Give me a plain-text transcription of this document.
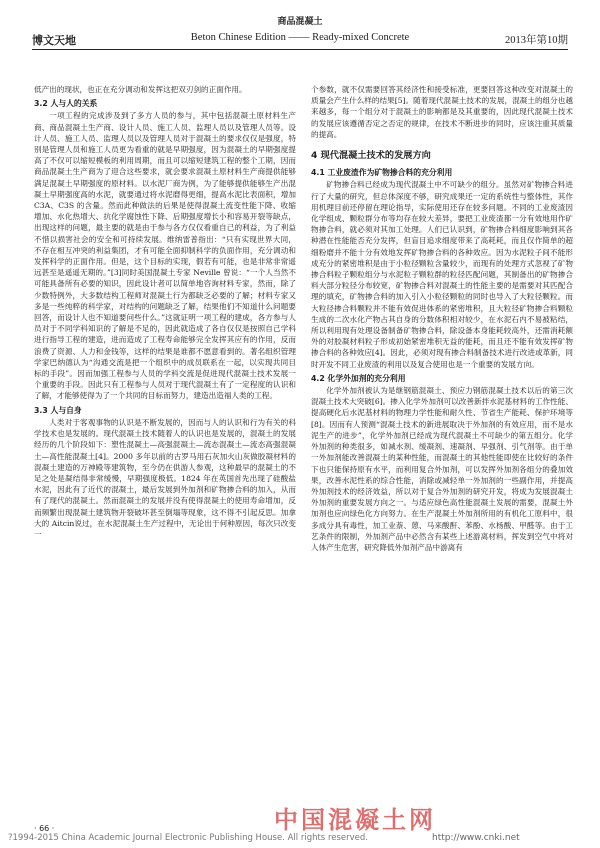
商品混凝土
博文天地	Beton Chinese Edition —— Ready-mixed Concrete	2013年第10期

低产出的现状，也正在充分调动和发挥这把双刃剑的正面作用。

3.2 人与人的关系

一项工程的完成涉及到了多方人员的参与，其中包括混凝土原材料生产商、商品混凝土生产商、设计人员、施工人员、监理人员以及管理人员等。设计人员、施工人员、监理人员以及管理人员对于混凝土的要求仅仅是强度，特别是管理人员和施工人员更为看重的就是早期强度，因为混凝土的早期强度提高了不仅可以缩短模板的利用周期，而且可以缩短建筑工程的整个工期，因而商品混凝土生产商为了迎合这些要求，就会要求混凝土原材料生产商提供能够满足混凝土早期强度的原材料。以水泥厂商为例，为了能够提供能够生产出混凝土早期强度高的水泥，就要通过将水泥磨得更细，提高水泥比表面积，增加 C3A、C3S 的含量。然而此种做法的后果是使得混凝土流变性能下降、收缩增加、水化热增大、抗化学腐蚀性下降、后期强度增长小和容易开裂等缺点，出现这样的问题，最主要的就是由于参与各方仅仅看重自己的利益，为了利益不惜以损害社会的安全和可持续发展。维纳雷普指出：“只有实现世界大同，不存在相互冲突的利益集团，才有可能全面抑制科学的负面作用，充分调动和发挥科学的正面作用。但是，这个目标的实现，假若有可能，也是非常非常遥远甚至是遥遥无期的。”[3]同时美国混凝土专家 Neville 曾说：“一个人当然不可能具备所有必要的知识，因此设计者可以简单地咨询材料专家，然而，除了少数特例外，大多数结构工程师对混凝土行为都缺乏必要的了解；材料专家又多是一些纯粹的科学家，对结构的问题缺乏了解，结果他们不知道什么问题要回答，而设计人也不知道要问些什么。”这就证明一项工程的建成，各方参与人员对于不同学科知识的了解是不足的，因此就造成了各自仅仅是按照自己学科进行指导工程的建造，进而造成了工程寿命能够完全发挥其应有的作用，反而浪费了资源、人力和金钱等，这样的结果是谁都不愿意看到的。著名组织管理学家巴纳德认为“沟通交流是把一个组织中的成员联系在一起，以实现共同目标的手段”。因而加强工程参与人员的学科交流是促进现代混凝土技术发展一个重要的手段。因此只有工程参与人员对于现代混凝土有了一定程度的认识和了解，才能够使得为了一个共同的目标而努力，建造出造福人类的工程。

3.3 人与自身

人类对于客观事物的认识是不断发展的，因而与人的认识和行为有关的科学技术也是发展的。现代混凝土技术随着人的认识也是发展的，混凝土的发展经历的几个阶段如下：塑性混凝土—高强混凝土—流态混凝土—流态高强混凝土—高性能混凝土[4]。2000 多年以前的古罗马用石灰加火山灰做胶凝材料的混凝土建造的万神殿等建筑物，至今仍在供游人参观，这种最早的混凝土的不足之处是凝结得非常缓慢，早期强度极低。1824 年在英国首先出现了硅酸盐水泥，因此有了近代的混凝土，最后发展到外加剂和矿物掺合料的加入，从而有了现代的混凝土。然而混凝土的发展并没有使得混凝土的使用寿命增加，反而频繁出现混凝土建筑物开裂破坏甚至倒塌等现象，这不得不引起反思。加拿大的 Aitcin说过，在水泥混凝土生产过程中，无论出于何种原因，每次只改变一

个参数，就不仅需要回答其经济性和接受标准，更要回答这种改变对混凝土的质量会产生什么样的结果[5]。随着现代混凝土技术的发展，混凝土的组分也越来越多，每一个组分对于混凝土的影响都是及其重要的，因此现代混凝土技术的发展应该遵循否定之否定的规律，在技术不断进步的同时，应该注重其质量的提高。

4 现代混凝土技术的发展方向
4.1 工业废渣作为矿物掺合料的充分利用

矿物掺合料已经成为现代混凝土中不可缺少的组分。虽然对矿物掺合料进行了大量的研究，但总体深度不够，研究成果还一定的系统性与整体性，其作用机理目前还停留在理论指导，实际使用还存在较多问题。不同的工业废渣因化学组成、颗粒群分布等均存在较大差异，要把工业废渣都一分有效地用作矿物掺合料，就必须对其加工处理。人们已认识到，矿物掺合料细度影响到其各种潜在性能能否充分发挥，但盲目追求细度带来了高耗耗，而且仅作简单的超细粉磨并不能十分有效地发挥矿物掺合料的各种效应。因为水泥粒子间不能形成充分的紧密堆积是由于小粒径颗粒含量较少，而现有的处理方式忽视了矿物掺合料粒子颗粒组分与水泥粒子颗粒群的粒径匹配问题，其制备出的矿物掺合料大部分粒径分布较宽，矿物掺合料对混凝土的性能主要的是需要对其匹配合理的填充，矿物掺合料的加入引入小粒径颗粒的同时也导入了大粒径颗粒。而大粒径掺合料颗粒并不能有效促进体系的紧密堆积，且大粒径矿物掺合料颗粒生成的二次水化产物占其自身的分数体积相对较少，在水泥石内不易被粘结，所以利用现有处理设备制备矿物掺合料，除设备本身能耗较高外，还需消耗额外的对胶凝材料粒子形成初始紧密堆积无益的能耗，而且还不能有效发挥矿物掺合料的各种效应[4]。因此，必须对现有掺合料制备技术进行改进或革新，同时开发不同工业废渣的利用以及复合使用也是一个重要的发展方向。

4.2 化学外加剂的充分利用

化学外加剂被认为是继钢筋混凝土、预应力钢筋混凝土技术以后的第三次混凝土技术大突破[6]。掺入化学外加剂可以改善新拌水泥基材料的工作性能、提高硬化后水泥基材料的物理力学性能和耐久性、节省生产能耗、保护环境等[8]。因而有人预测“混凝土技术的新进展取决于外加剂的有效应用，而不是水泥生产的进步”，化学外加剂已经成为现代混凝土不可缺少的第五组分。化学外加剂的种类很多，如减水剂、缓凝剂、速凝剂、早强剂、引气剂等。由于单一外加剂能改善混凝土的某种性能，而混凝土的其他性能即使在比较好的条件下也只能保持原有水平，而利用复合外加剂，可以发挥外加剂各组分的叠加效果，改善水泥性系的综合性能，消除或减轻单一外加剂的一些副作用，并提高外加剂技术的经济效益，所以对于复合外加剂的研究开发，将成为发展混凝土外加剂的重要发展方向之一。与适应绿色高性能混凝土发展的需要，混凝土外加剂也应向绿色化方向努力。在生产混凝土外加剂所用的有机化工原料中，很多成分具有毒性，加工业萘、蒽、马来酸酐、苯酚、水杨酸、甲醛等。由于工艺条件的限制，外加剂产品中必然含有某些上述游离材料，挥发到空气中将对人体产生危害，研究降低外加剂产品中游离有

· 66 ·	中国混凝土网
http://www.cnki.net
?1994-2015 China Academic Journal Electronic Publishing House. All rights reserved.
